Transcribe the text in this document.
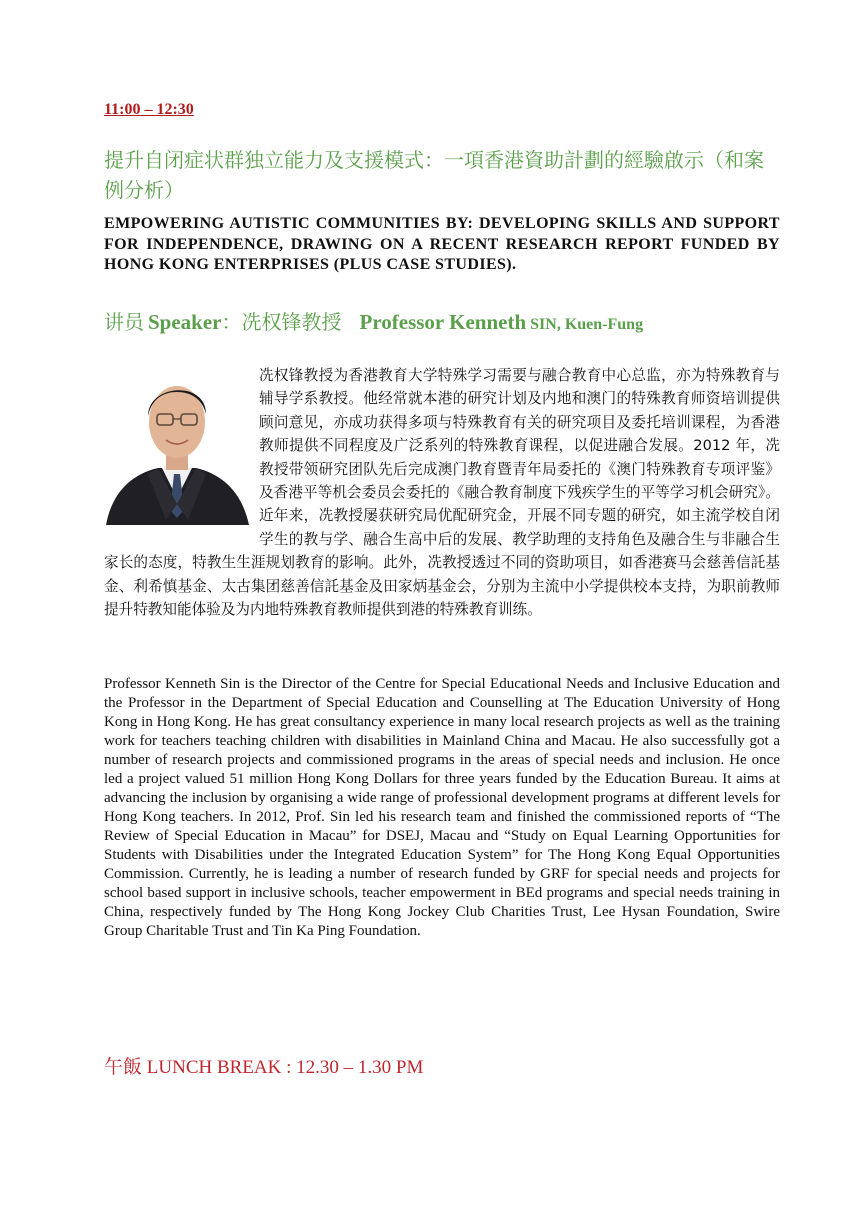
11:00 – 12:30
提升自闭症状群独立能力及支援模式：一項香港資助計劃的經驗啟示（和案例分析）
EMPOWERING AUTISTIC COMMUNITIES BY: DEVELOPING SKILLS AND SUPPORT FOR INDEPENDENCE, DRAWING ON A RECENT RESEARCH REPORT FUNDED BY HONG KONG ENTERPRISES (PLUS CASE STUDIES).
讲员 Speaker：冼权锋教授 Professor Kenneth SIN, Kuen-Fung
冼权锋教授为香港教育大学特殊学习需要与融合教育中心总监，亦为特殊教育与辅导学系教授。他经常就本港的研究计划及内地和澳门的特殊教育师资培训提供顾问意见，亦成功获得多项与特殊教育有关的研究项目及委托培训课程，为香港教师提供不同程度及广泛系列的特殊教育课程，以促进融合发展。2012 年，冼教授带领研究团队先后完成澳门教育暨青年局委托的《澳门特殊教育专项评鉴》及香港平等机会委员会委托的《融合教育制度下残疾学生的平等学习机会研究》。近年来，冼教授屡获研究局优配研究金，开展不同专题的研究，如主流学校自闭学生的教与学、融合生高中后的发展、教学助理的支持角色及融合生与非融合生家长的态度，特教生生涯规划教育的影响。此外，冼教授透过不同的资助项目，如香港赛马会慈善信託基金、利希慎基金、太古集团慈善信託基金及田家炳基金会，分别为主流中小学提供校本支持，为职前教师提升特教知能体验及为内地特殊教育教师提供到港的特殊教育训练。
Professor Kenneth Sin is the Director of the Centre for Special Educational Needs and Inclusive Education and the Professor in the Department of Special Education and Counselling at The Education University of Hong Kong in Hong Kong. He has great consultancy experience in many local research projects as well as the training work for teachers teaching children with disabilities in Mainland China and Macau. He also successfully got a number of research projects and commissioned programs in the areas of special needs and inclusion. He once led a project valued 51 million Hong Kong Dollars for three years funded by the Education Bureau. It aims at advancing the inclusion by organising a wide range of professional development programs at different levels for Hong Kong teachers. In 2012, Prof. Sin led his research team and finished the commissioned reports of “The Review of Special Education in Macau” for DSEJ, Macau and “Study on Equal Learning Opportunities for Students with Disabilities under the Integrated Education System” for The Hong Kong Equal Opportunities Commission. Currently, he is leading a number of research funded by GRF for special needs and projects for school based support in inclusive schools, teacher empowerment in BEd programs and special needs training in China, respectively funded by The Hong Kong Jockey Club Charities Trust, Lee Hysan Foundation, Swire Group Charitable Trust and Tin Ka Ping Foundation.
午飯 LUNCH BREAK : 12.30 – 1.30 PM
